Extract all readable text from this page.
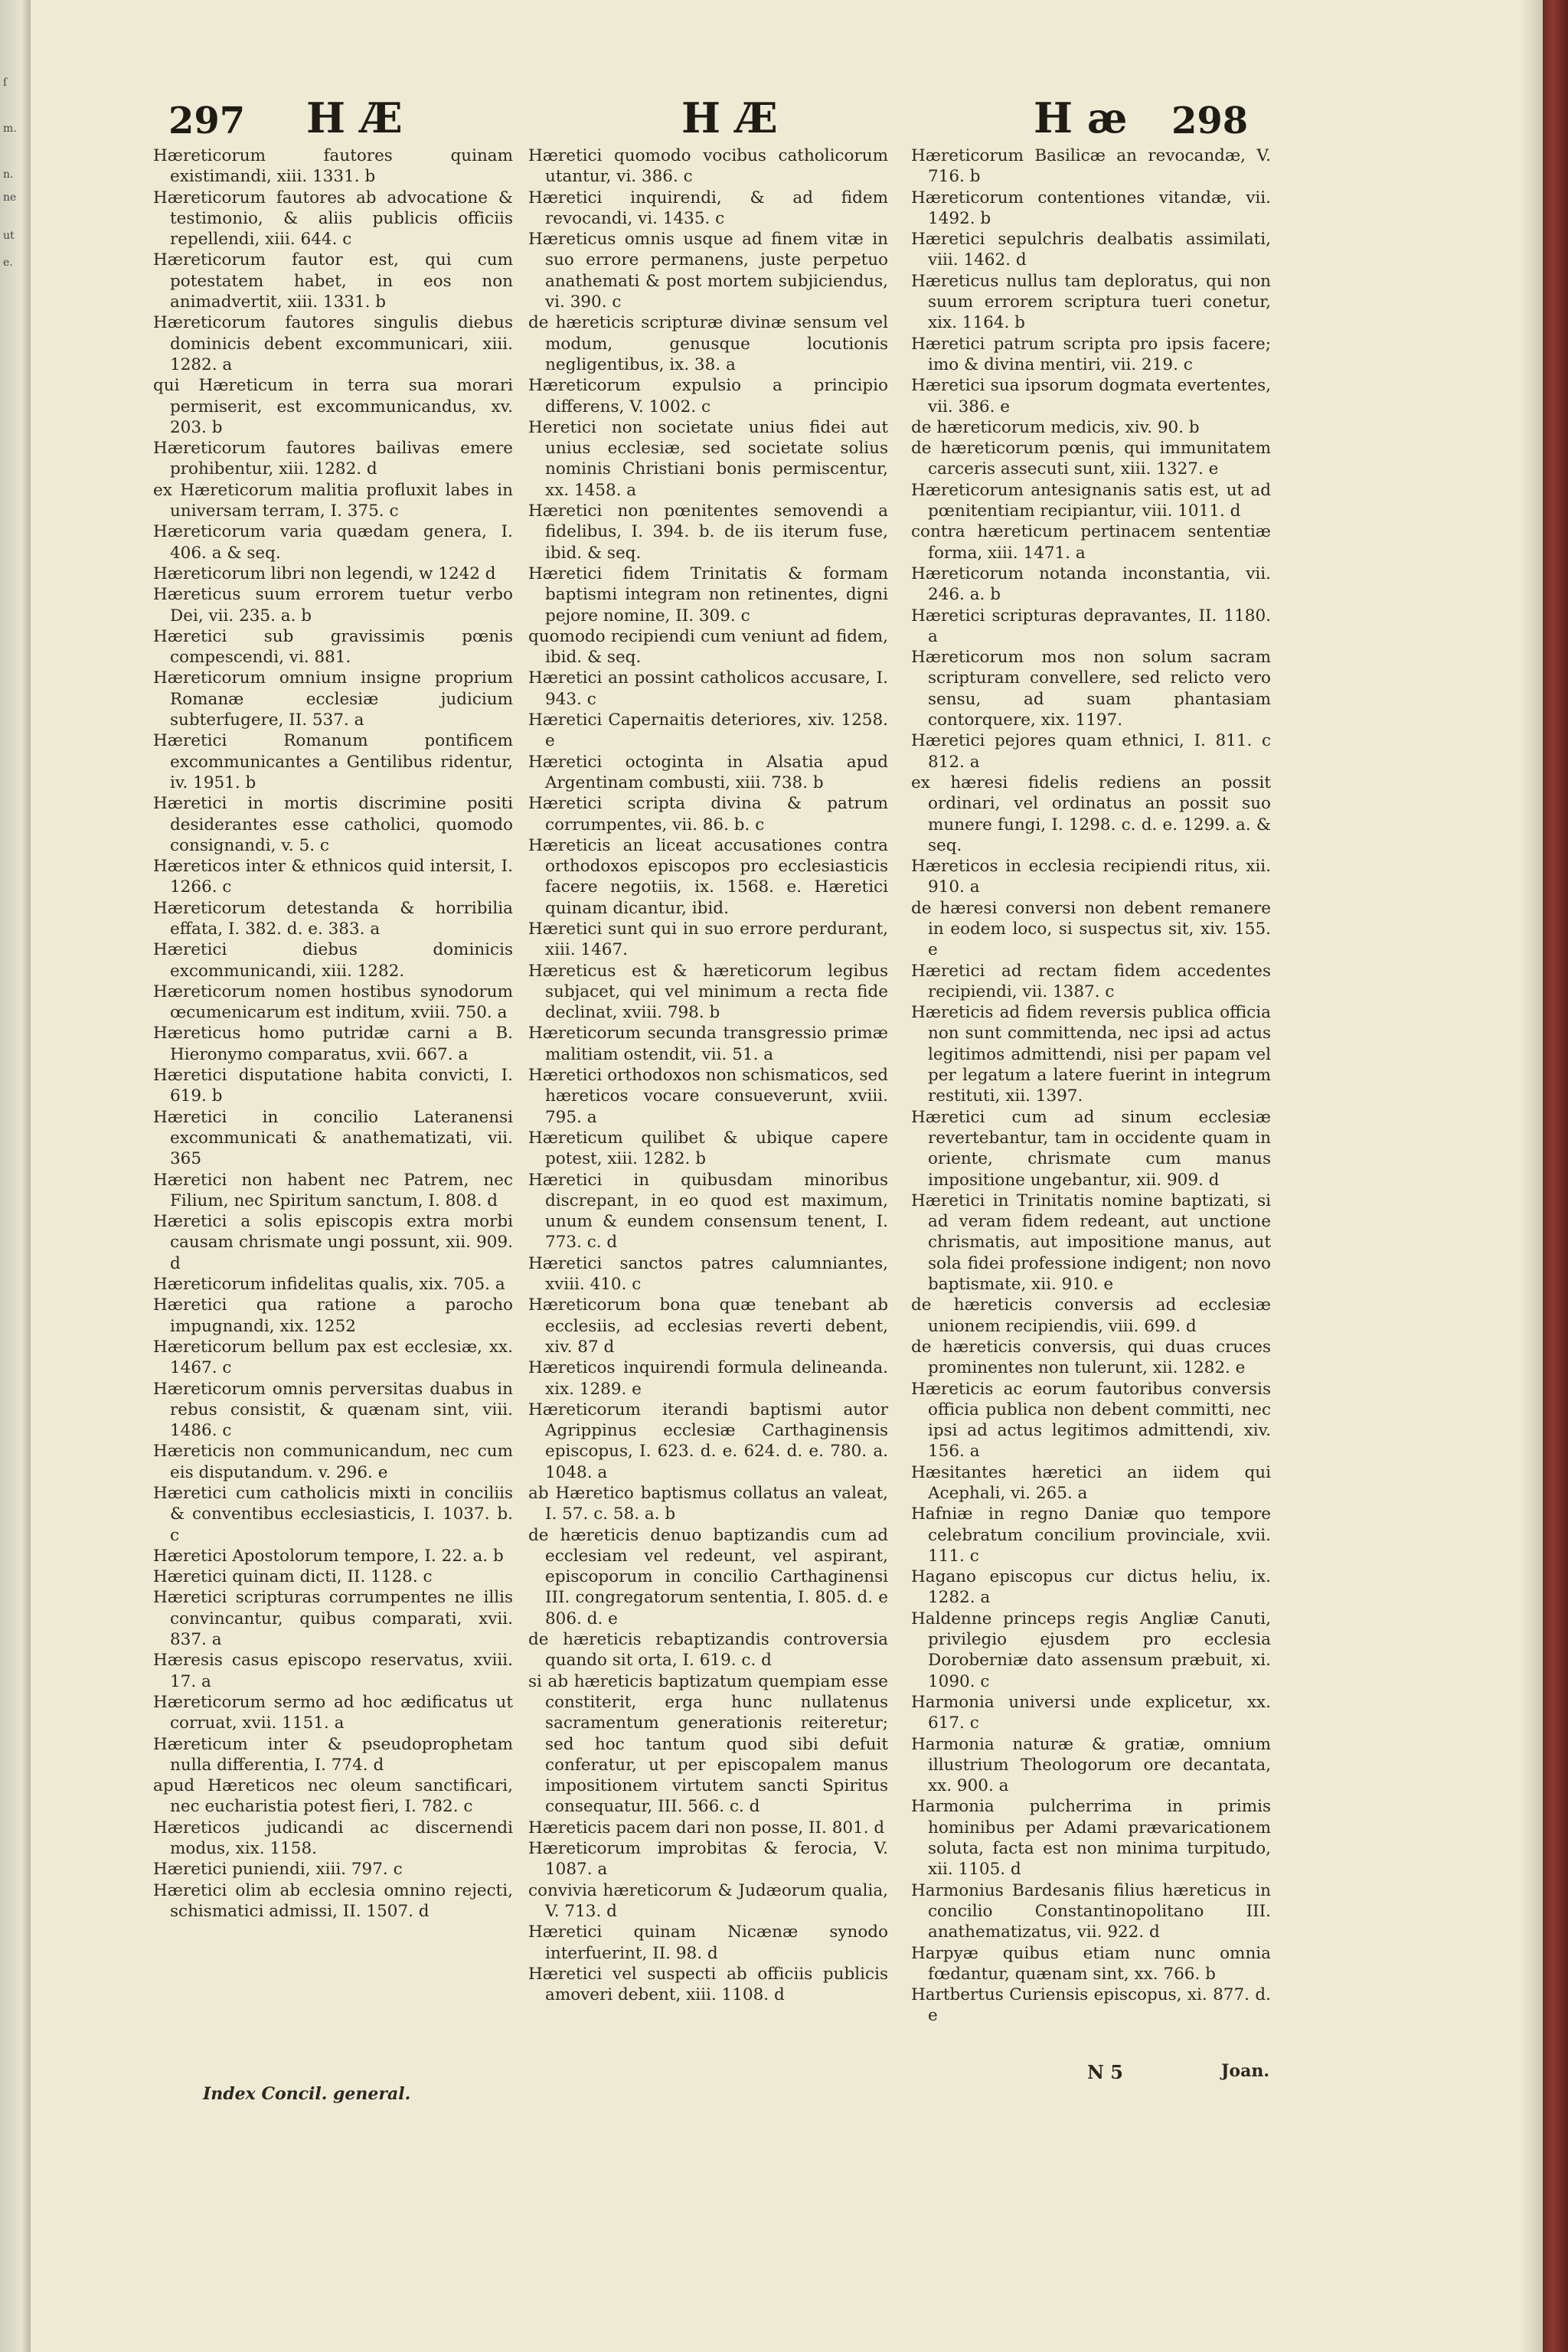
ſ
m.
n.
ne
ut
e.
297 H Æ	H Æ	H æ 298

Hæreticorum fautores quinam existimandi, xiii. 1331. b

Hæreticorum fautores ab advocatione & testimonio, & aliis publicis officiis repellendi, xiii. 644. c

Hæreticorum fautor est, qui cum potestatem habet, in eos non animadvertit, xiii. 1331. b

Hæreticorum fautores singulis diebus dominicis debent excommunicari, xiii. 1282. a

qui Hæreticum in terra sua morari permiserit, est excommunicandus, xv. 203. b

Hæreticorum fautores bailivas emere prohibentur, xiii. 1282. d

ex Hæreticorum malitia profluxit labes in universam terram, I. 375. c

Hæreticorum varia quædam genera, I. 406. a & seq.

Hæreticorum libri non legendi, w 1242 d

Hæreticus suum errorem tuetur verbo Dei, vii. 235. a. b

Hæretici sub gravissimis pœnis compescendi, vi. 881.

Hæreticorum omnium insigne proprium Romanæ ecclesiæ judicium subterfugere, II. 537. a

Hæretici Romanum pontificem excommunicantes a Gentilibus ridentur, iv. 1951. b

Hæretici in mortis discrimine positi desiderantes esse catholici, quomodo consignandi, v. 5. c

Hæreticos inter & ethnicos quid intersit, I. 1266. c

Hæreticorum detestanda & horribilia effata, I. 382. d. e. 383. a

Hæretici diebus dominicis excommunicandi, xiii. 1282.

Hæreticorum nomen hostibus synodorum œcumenicarum est inditum, xviii. 750. a

Hæreticus homo putridæ carni a B. Hieronymo comparatus, xvii. 667. a

Hæretici disputatione habita convicti, I. 619. b

Hæretici in concilio Lateranensi excommunicati & anathematizati, vii. 365

Hæretici non habent nec Patrem, nec Filium, nec Spiritum sanctum, I. 808. d

Hæretici a solis episcopis extra morbi causam chrismate ungi possunt, xii. 909. d

Hæreticorum infidelitas qualis, xix. 705. a

Hæretici qua ratione a parocho impugnandi, xix. 1252

Hæreticorum bellum pax est ecclesiæ, xx. 1467. c

Hæreticorum omnis perversitas duabus in rebus consistit, & quænam sint, viii. 1486. c

Hæreticis non communicandum, nec cum eis disputandum. v. 296. e

Hæretici cum catholicis mixti in conciliis & conventibus ecclesiasticis, I. 1037. b. c

Hæretici Apostolorum tempore, I. 22. a. b

Hæretici quinam dicti, II. 1128. c

Hæretici scripturas corrumpentes ne illis convincantur, quibus comparati, xvii. 837. a

Hæresis casus episcopo reservatus, xviii. 17. a

Hæreticorum sermo ad hoc ædificatus ut corruat, xvii. 1151. a

Hæreticum inter & pseudoprophetam nulla differentia, I. 774. d

apud Hæreticos nec oleum sanctificari, nec eucharistia potest fieri, I. 782. c

Hæreticos judicandi ac discernendi modus, xix. 1158.

Hæretici puniendi, xiii. 797. c

Hæretici olim ab ecclesia omnino rejecti, schismatici admissi, II. 1507. d

Hæretici quomodo vocibus catholicorum utantur, vi. 386. c

Hæretici inquirendi, & ad fidem revocandi, vi. 1435. c

Hæreticus omnis usque ad finem vitæ in suo errore permanens, juste perpetuo anathemati & post mortem subjiciendus, vi. 390. c

de hæreticis scripturæ divinæ sensum vel modum, genusque locutionis negligentibus, ix. 38. a

Hæreticorum expulsio a principio differens, V. 1002. c

Heretici non societate unius fidei aut unius ecclesiæ, sed societate solius nominis Christiani bonis permiscentur, xx. 1458. a

Hæretici non pœnitentes semovendi a fidelibus, I. 394. b. de iis iterum fuse, ibid. & seq.

Hæretici fidem Trinitatis & formam baptismi integram non retinentes, digni pejore nomine, II. 309. c

quomodo recipiendi cum veniunt ad fidem, ibid. & seq.

Hæretici an possint catholicos accusare, I. 943. c

Hæretici Capernaitis deteriores, xiv. 1258. e

Hæretici octoginta in Alsatia apud Argentinam combusti, xiii. 738. b

Hæretici scripta divina & patrum corrumpentes, vii. 86. b. c

Hæreticis an liceat accusationes contra orthodoxos episcopos pro ecclesiasticis facere negotiis, ix. 1568. e. Hæretici quinam dicantur, ibid.

Hæretici sunt qui in suo errore perdurant, xiii. 1467.

Hæreticus est & hæreticorum legibus subjacet, qui vel minimum a recta fide declinat, xviii. 798. b

Hæreticorum secunda transgressio primæ malitiam ostendit, vii. 51. a

Hæretici orthodoxos non schismaticos, sed hæreticos vocare consueverunt, xviii. 795. a

Hæreticum quilibet & ubique capere potest, xiii. 1282. b

Hæretici in quibusdam minoribus discrepant, in eo quod est maximum, unum & eundem consensum tenent, I. 773. c. d

Hæretici sanctos patres calumniantes, xviii. 410. c

Hæreticorum bona quæ tenebant ab ecclesiis, ad ecclesias reverti debent, xiv. 87 d

Hæreticos inquirendi formula delineanda. xix. 1289. e

Hæreticorum iterandi baptismi autor Agrippinus ecclesiæ Carthaginensis episcopus, I. 623. d. e. 624. d. e. 780. a. 1048. a

ab Hæretico baptismus collatus an valeat, I. 57. c. 58. a. b

de hæreticis denuo baptizandis cum ad ecclesiam vel redeunt, vel aspirant, episcoporum in concilio Carthaginensi III. congregatorum sententia, I. 805. d. e 806. d. e

de hæreticis rebaptizandis controversia quando sit orta, I. 619. c. d

si ab hæreticis baptizatum quempiam esse constiterit, erga hunc nullatenus sacramentum generationis reiteretur; sed hoc tantum quod sibi defuit conferatur, ut per episcopalem manus impositionem virtutem sancti Spiritus consequatur, III. 566. c. d

Hæreticis pacem dari non posse, II. 801. d

Hæreticorum improbitas & ferocia, V. 1087. a

convivia hæreticorum & Judæorum qualia, V. 713. d

Hæretici quinam Nicænæ synodo interfuerint, II. 98. d

Hæretici vel suspecti ab officiis publicis amoveri debent, xiii. 1108. d

Hæreticorum Basilicæ an revocandæ, V. 716. b

Hæreticorum contentiones vitandæ, vii. 1492. b

Hæretici sepulchris dealbatis assimilati, viii. 1462. d

Hæreticus nullus tam deploratus, qui non suum errorem scriptura tueri conetur, xix. 1164. b

Hæretici patrum scripta pro ipsis facere; imo & divina mentiri, vii. 219. c

Hæretici sua ipsorum dogmata evertentes, vii. 386. e

de hæreticorum medicis, xiv. 90. b

de hæreticorum pœnis, qui immunitatem carceris assecuti sunt, xiii. 1327. e

Hæreticorum antesignanis satis est, ut ad pœnitentiam recipiantur, viii. 1011. d

contra hæreticum pertinacem sententiæ forma, xiii. 1471. a

Hæreticorum notanda inconstantia, vii. 246. a. b

Hæretici scripturas depravantes, II. 1180. a

Hæreticorum mos non solum sacram scripturam convellere, sed relicto vero sensu, ad suam phantasiam contorquere, xix. 1197.

Hæretici pejores quam ethnici, I. 811. c 812. a

ex hæresi fidelis rediens an possit ordinari, vel ordinatus an possit suo munere fungi, I. 1298. c. d. e. 1299. a. & seq.

Hæreticos in ecclesia recipiendi ritus, xii. 910. a

de hæresi conversi non debent remanere in eodem loco, si suspectus sit, xiv. 155. e

Hæretici ad rectam fidem accedentes recipiendi, vii. 1387. c

Hæreticis ad fidem reversis publica officia non sunt committenda, nec ipsi ad actus legitimos admittendi, nisi per papam vel per legatum a latere fuerint in integrum restituti, xii. 1397.

Hæretici cum ad sinum ecclesiæ revertebantur, tam in occidente quam in oriente, chrismate cum manus impositione ungebantur, xii. 909. d

Hæretici in Trinitatis nomine baptizati, si ad veram fidem redeant, aut unctione chrismatis, aut impositione manus, aut sola fidei professione indigent; non novo baptismate, xii. 910. e

de hæreticis conversis ad ecclesiæ unionem recipiendis, viii. 699. d

de hæreticis conversis, qui duas cruces prominentes non tulerunt, xii. 1282. e

Hæreticis ac eorum fautoribus conversis officia publica non debent committi, nec ipsi ad actus legitimos admittendi, xiv. 156. a

Hæsitantes hæretici an iidem qui Acephali, vi. 265. a

Hafniæ in regno Daniæ quo tempore celebratum concilium provinciale, xvii. 111. c

Hagano episcopus cur dictus heliu, ix. 1282. a

Haldenne princeps regis Angliæ Canuti, privilegio ejusdem pro ecclesia Doroberniæ dato assensum præbuit, xi. 1090. c

Harmonia universi unde explicetur, xx. 617. c

Harmonia naturæ & gratiæ, omnium illustrium Theologorum ore decantata, xx. 900. a

Harmonia pulcherrima in primis hominibus per Adami prævaricationem soluta, facta est non minima turpitudo, xii. 1105. d

Harmonius Bardesanis filius hæreticus in concilio Constantinopolitano III. anathematizatus, vii. 922. d

Harpyæ quibus etiam nunc omnia fœdantur, quænam sint, xx. 766. b

Hartbertus Curiensis episcopus, xi. 877. d. e

Index Concil. general.
N 5	Joan.
